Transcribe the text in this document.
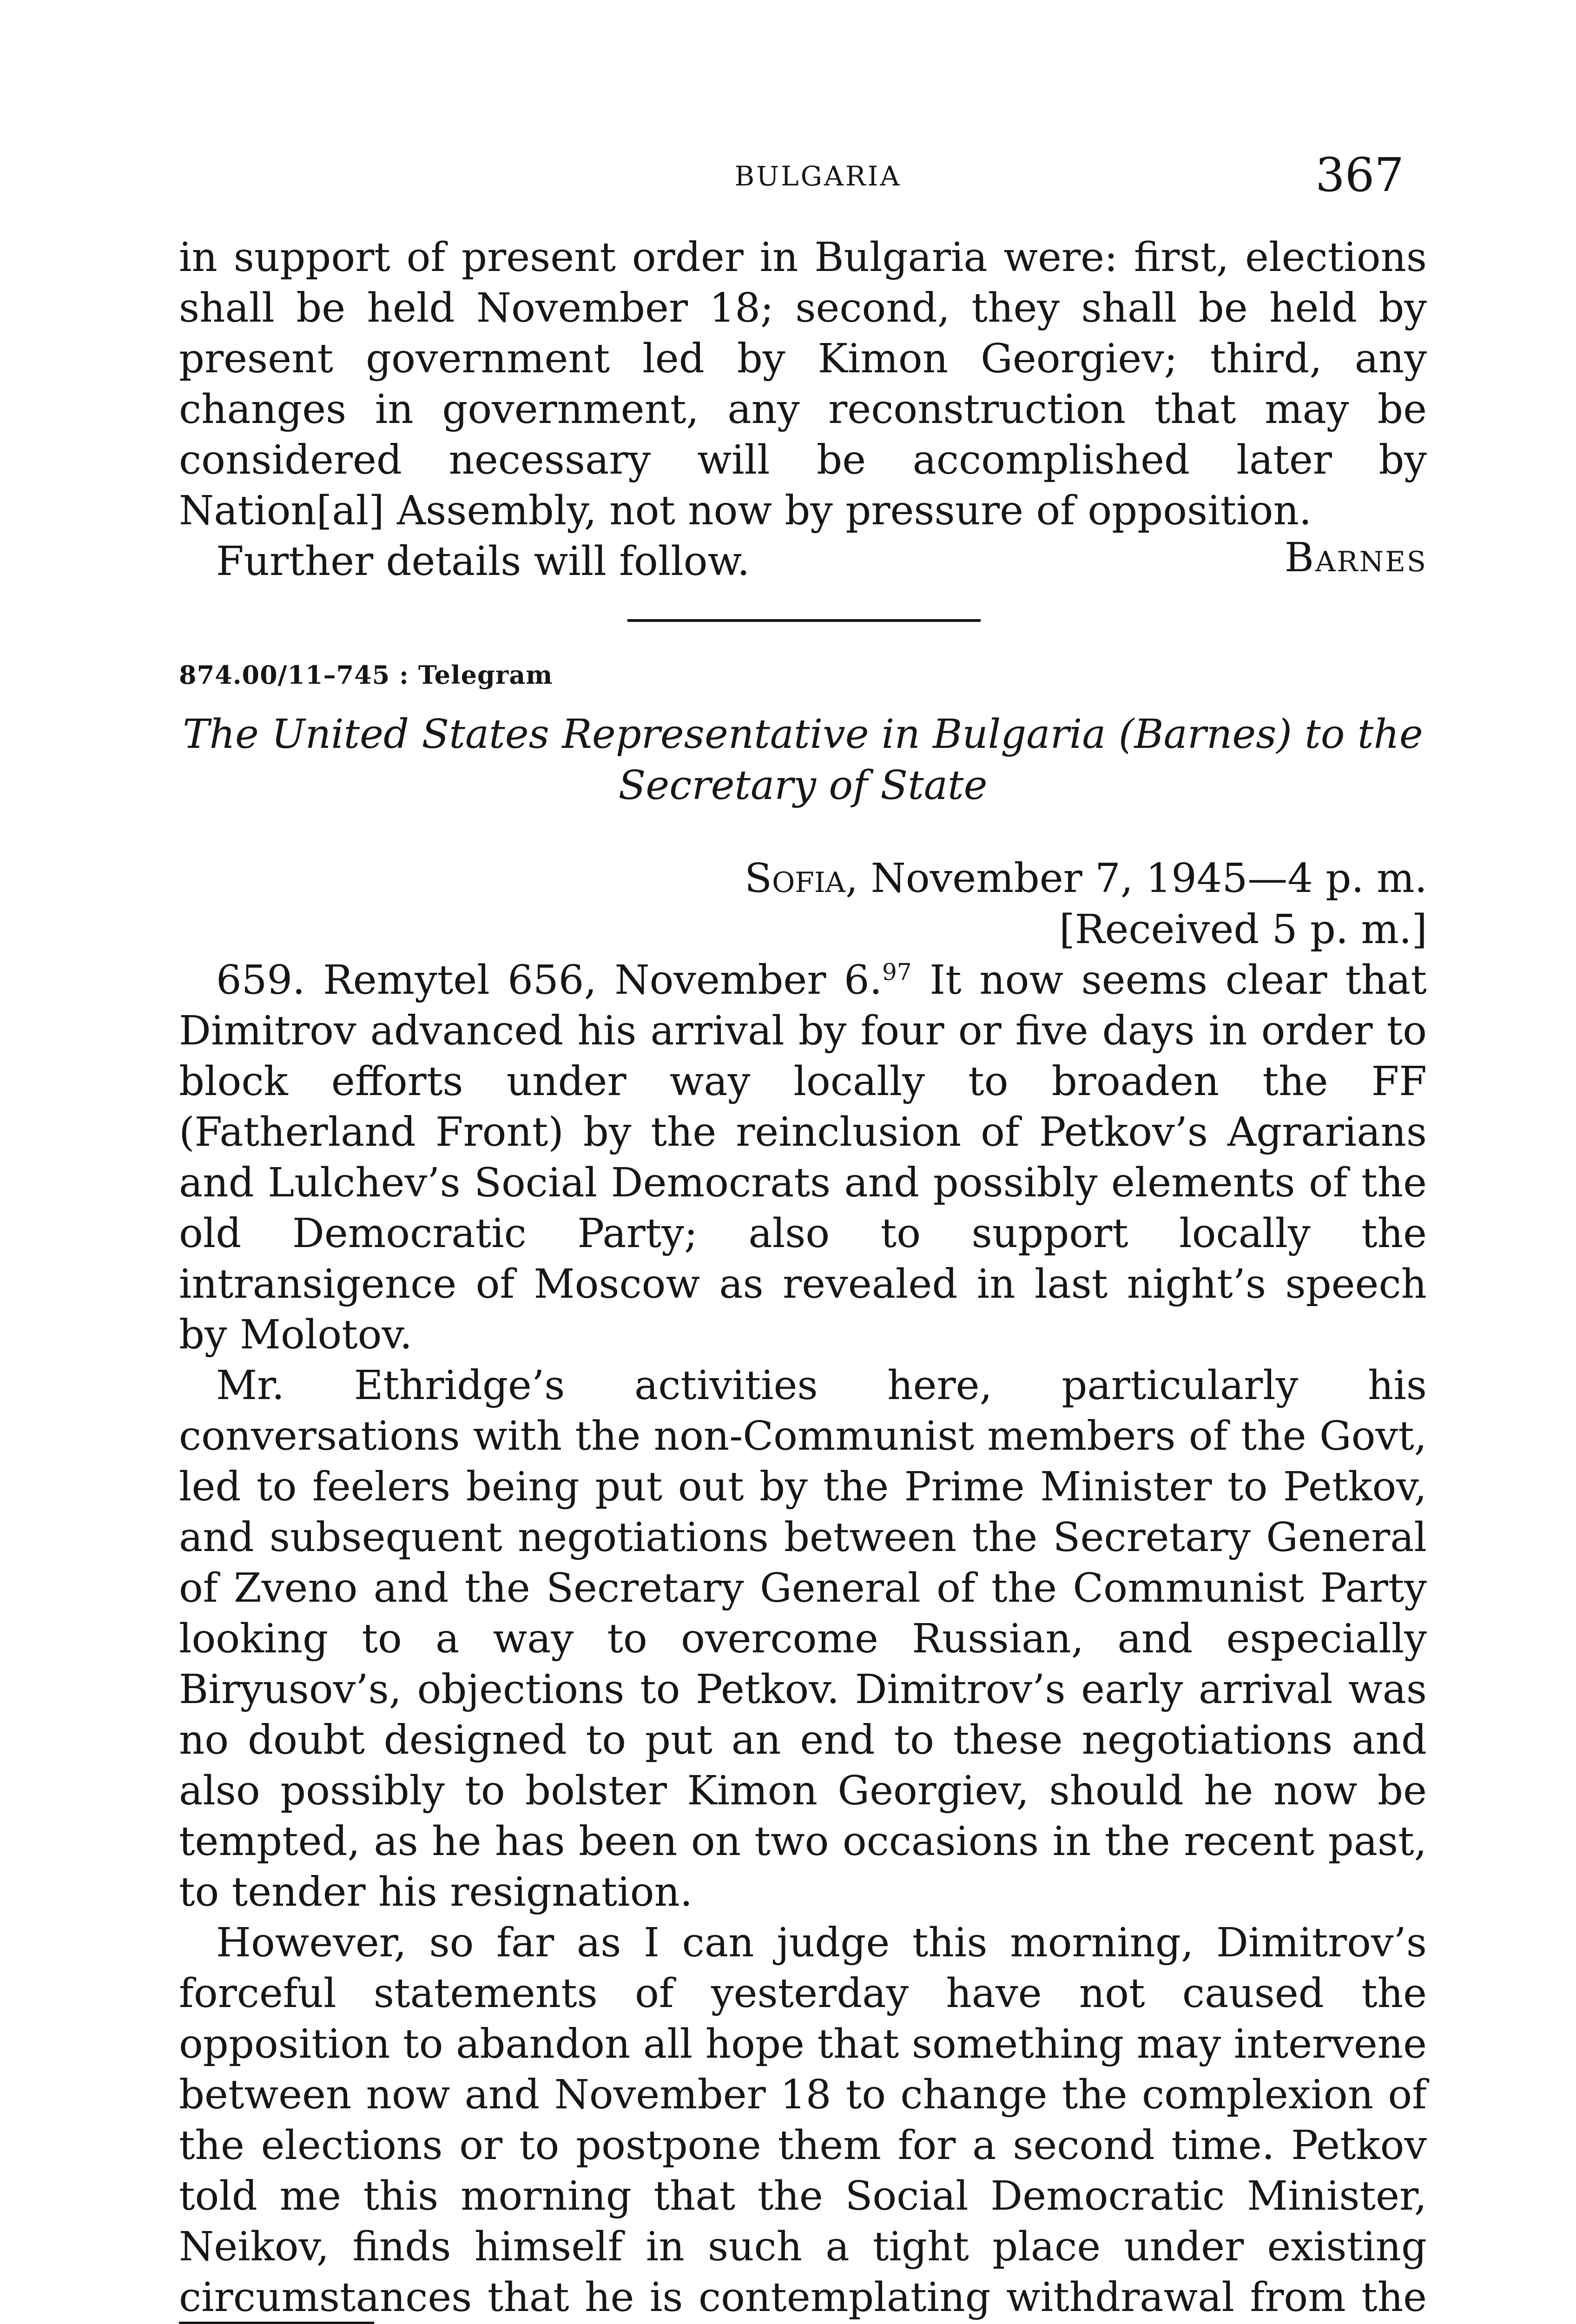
BULGARIA	367

in support of present order in Bulgaria were: first, elections shall be held November 18; second, they shall be held by present government led by Kimon Georgiev; third, any changes in government, any reconstruction that may be considered necessary will be accomplished later by Nation[al] Assembly, not now by pressure of opposition.

Further details will follow.	Barnes
874.00/11–745 : Telegram
The United States Representative in Bulgaria (Barnes) to the Secretary of State
Sofia, November 7, 1945—4 p. m.
[Received 5 p. m.]

659. Remytel 656, November 6.97 It now seems clear that Dimitrov advanced his arrival by four or five days in order to block efforts under way locally to broaden the FF (Fatherland Front) by the reinclusion of Petkov’s Agrarians and Lulchev’s Social Democrats and possibly elements of the old Democratic Party; also to support locally the intransigence of Moscow as revealed in last night’s speech by Molotov.

Mr. Ethridge’s activities here, particularly his conversations with the non-Communist members of the Govt, led to feelers being put out by the Prime Minister to Petkov, and subsequent negotiations between the Secretary General of Zveno and the Secretary General of the Communist Party looking to a way to overcome Russian, and especially Biryusov’s, objections to Petkov. Dimitrov’s early arrival was no doubt designed to put an end to these negotiations and also possibly to bolster Kimon Georgiev, should he now be tempted, as he has been on two occasions in the recent past, to tender his resignation.

However, so far as I can judge this morning, Dimitrov’s forceful statements of yesterday have not caused the opposition to abandon all hope that something may intervene between now and November 18 to change the complexion of the elections or to postpone them for a second time. Petkov told me this morning that the Social Democratic Minister, Neikov, finds himself in such a tight place under existing circumstances that he is contemplating withdrawal from the
